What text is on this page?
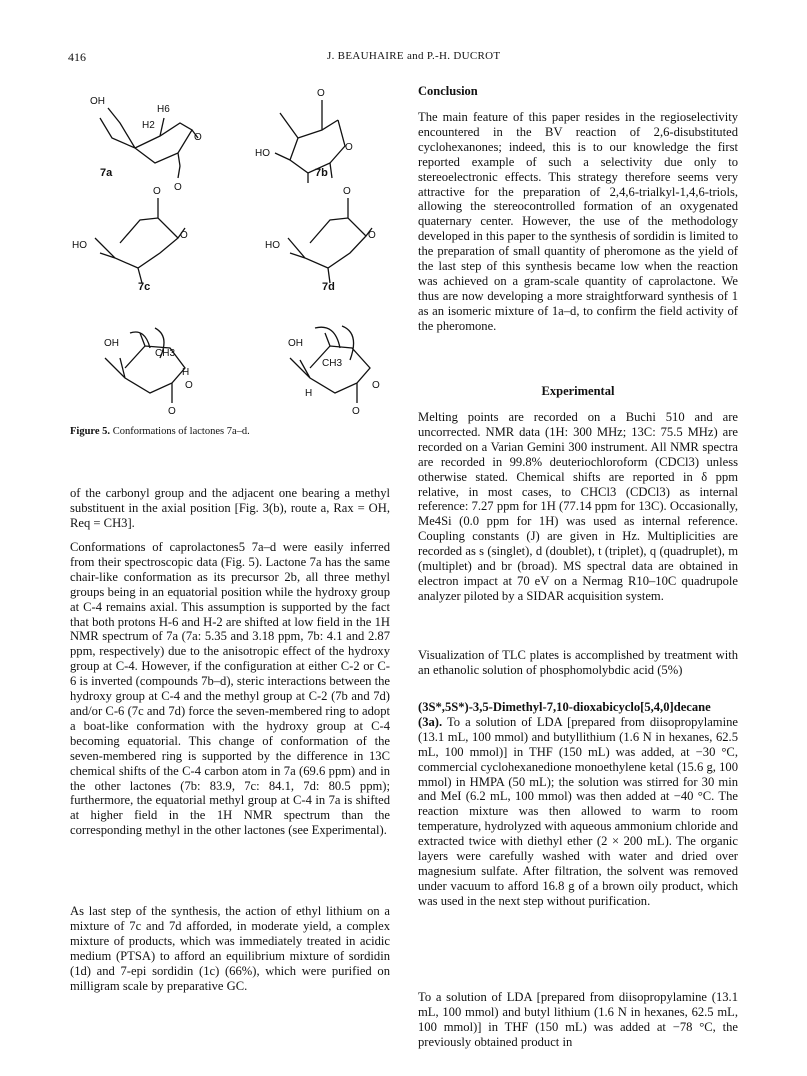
416	J. BEAUHAIRE and P.-H. DUCROT
OH
H6
H2
O
O
O
O
HO
O
O
HO
O
O
HO
OH
CH3
H
O
O
OH
CH3
H
O
O
7a	7b
7c	7d
Figure 5. Conformations of lactones 7a–d.

of the carbonyl group and the adjacent one bearing a methyl substituent in the axial position [Fig. 3(b), route a, Rax = OH, Req = CH3].

Conformations of caprolactones5 7a–d were easily inferred from their spectroscopic data (Fig. 5). Lactone 7a has the same chair-like conformation as its precursor 2b, all three methyl groups being in an equatorial position while the hydroxy group at C-4 remains axial. This assumption is supported by the fact that both protons H-6 and H-2 are shifted at low field in the 1H NMR spectrum of 7a (7a: 5.35 and 3.18 ppm, 7b: 4.1 and 2.87 ppm, respectively) due to the anisotropic effect of the hydroxy group at C-4. However, if the configuration at either C-2 or C-6 is inverted (compounds 7b–d), steric interactions between the hydroxy group at C-4 and the methyl group at C-2 (7b and 7d) and/or C-6 (7c and 7d) force the seven-membered ring to adopt a boat-like conformation with the hydroxy group at C-4 becoming equatorial. This change of conformation of the seven-membered ring is supported by the difference in 13C chemical shifts of the C-4 carbon atom in 7a (69.6 ppm) and in the other lactones (7b: 83.9, 7c: 84.1, 7d: 80.5 ppm); furthermore, the equatorial methyl group at C-4 in 7a is shifted at higher field in the 1H NMR spectrum than the corresponding methyl in the other lactones (see Experimental).

As last step of the synthesis, the action of ethyl lithium on a mixture of 7c and 7d afforded, in moderate yield, a complex mixture of products, which was immediately treated in acidic medium (PTSA) to afford an equilibrium mixture of sordidin (1d) and 7-epi sordidin (1c) (66%), which were purified on milligram scale by preparative GC.

Conclusion

The main feature of this paper resides in the regioselectivity encountered in the BV reaction of 2,6-disubstituted cyclohexanones; indeed, this is to our knowledge the first reported example of such a selectivity due only to stereoelectronic effects. This strategy therefore seems very attractive for the preparation of 2,4,6-trialkyl-1,4,6-triols, allowing the stereocontrolled formation of an oxygenated quaternary center. However, the use of the methodology developed in this paper to the synthesis of sordidin is limited to the preparation of small quantity of pheromone as the yield of the last step of this synthesis became low when the reaction was achieved on a gram-scale quantity of caprolactone. We thus are now developing a more straightforward synthesis of 1 as an isomeric mixture of 1a–d, to confirm the field activity of the pheromone.

Experimental

Melting points are recorded on a Buchi 510 and are uncorrected. NMR data (1H: 300 MHz; 13C: 75.5 MHz) are recorded on a Varian Gemini 300 instrument. All NMR spectra are recorded in 99.8% deuteriochloroform (CDCl3) unless otherwise stated. Chemical shifts are reported in δ ppm relative, in most cases, to CHCl3 (CDCl3) as internal reference: 7.27 ppm for 1H (77.14 ppm for 13C). Occasionally, Me4Si (0.0 ppm for 1H) was used as internal reference. Coupling constants (J) are given in Hz. Multiplicities are recorded as s (singlet), d (doublet), t (triplet), q (quadruplet), m (multiplet) and br (broad). MS spectral data are obtained in electron impact at 70 eV on a Nermag R10–10C quadrupole analyzer piloted by a SIDAR acquisition system.

Visualization of TLC plates is accomplished by treatment with an ethanolic solution of phosphomolybdic acid (5%)

(3S*,5S*)-3,5-Dimethyl-7,10-dioxabicyclo[5,4,0]decane (3a). To a solution of LDA [prepared from diisopropylamine (13.1 mL, 100 mmol) and butyllithium (1.6 N in hexanes, 62.5 mL, 100 mmol)] in THF (150 mL) was added, at −30 °C, commercial cyclohexanedione monoethylene ketal (15.6 g, 100 mmol) in HMPA (50 mL); the solution was stirred for 30 min and MeI (6.2 mL, 100 mmol) was then added at −40 °C. The reaction mixture was then allowed to warm to room temperature, hydrolyzed with aqueous ammonium chloride and extracted twice with diethyl ether (2 × 200 mL). The organic layers were carefully washed with water and dried over magnesium sulfate. After filtration, the solvent was removed under vacuum to afford 16.8 g of a brown oily product, which was used in the next step without purification.

To a solution of LDA [prepared from diisopropylamine (13.1 mL, 100 mmol) and butyl lithium (1.6 N in hexanes, 62.5 mL, 100 mmol)] in THF (150 mL) was added at −78 °C, the previously obtained product in
